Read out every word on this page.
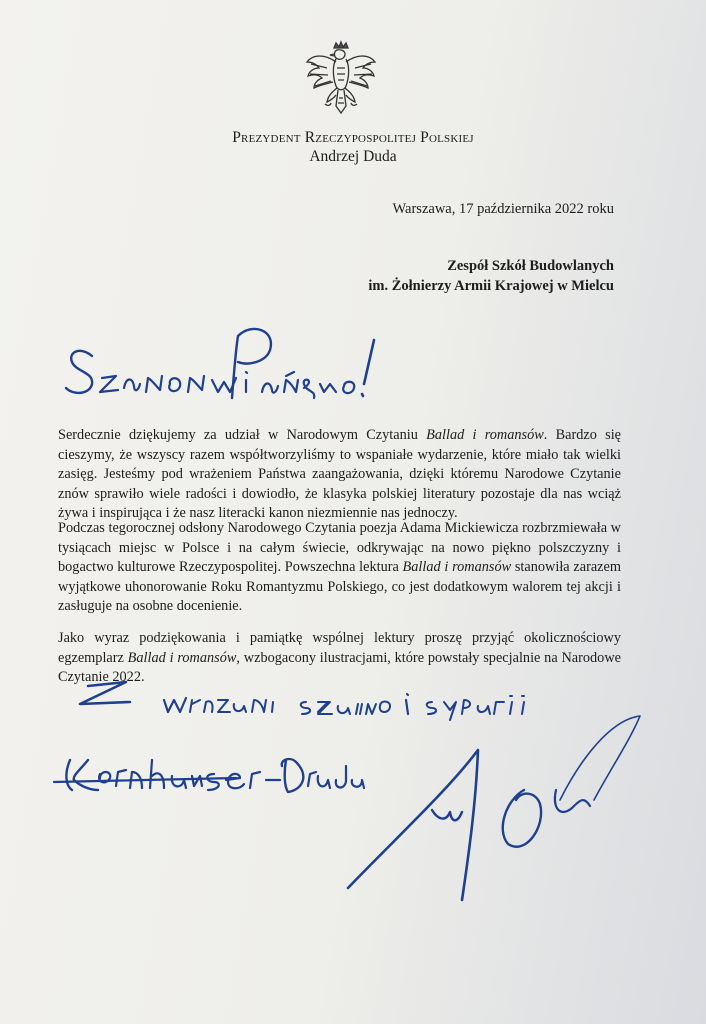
Prezydent Rzeczypospolitej Polskiej
Andrzej Duda
Warszawa, 17 października 2022 roku
Zespół Szkół Budowlanych
im. Żołnierzy Armii Krajowej w Mielcu
Serdecznie dziękujemy za udział w Narodowym Czytaniu Ballad i romansów. Bardzo się cieszymy, że wszyscy razem współtworzyliśmy to wspaniałe wydarzenie, które miało tak wielki zasięg. Jesteśmy pod wrażeniem Państwa zaangażowania, dzięki któremu Narodowe Czytanie znów sprawiło wiele radości i dowiodło, że klasyka polskiej literatury pozostaje dla nas wciąż żywa i inspirująca i że nasz literacki kanon niezmiennie nas jednoczy.
Podczas tegorocznej odsłony Narodowego Czytania poezja Adama Mickiewicza rozbrzmiewała w tysiącach miejsc w Polsce i na całym świecie, odkrywając na nowo piękno polszczyzny i bogactwo kulturowe Rzeczypospolitej. Powszechna lektura Ballad i romansów stanowiła zarazem wyjątkowe uhonorowanie Roku Romantyzmu Polskiego, co jest dodatkowym walorem tej akcji i zasługuje na osobne docenienie.
Jako wyraz podziękowania i pamiątkę wspólnej lektury proszę przyjąć okolicznościowy egzemplarz Ballad i romansów, wzbogacony ilustracjami, które powstały specjalnie na Narodowe Czytanie 2022.
